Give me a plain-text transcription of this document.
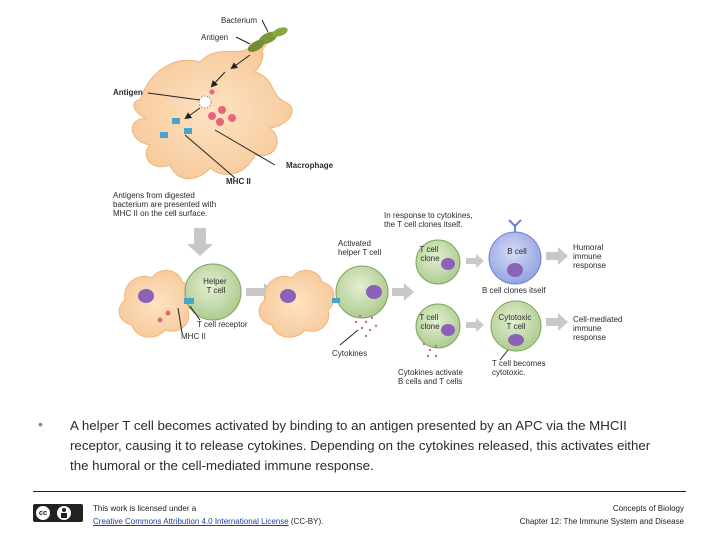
Bacterium
Antigen
Antigen
Macrophage
MHC II
Antigens from digested bacterium are presented with MHC II on the cell surface.
Helper T cell
T cell receptor
MHC II
Activated helper T cell
Cytokines
In response to cytokines, the T cell clones itself.
T cell clone
B cell
B cell clones itself
Humoral immune response
T cell clone
Cytotoxic T cell
Cell-mediated immune response
Cytokines activate B cells and T cells
T cell becomes cytotoxic.
• A helper T cell becomes activated by binding to an antigen presented by an APC via the MHCII receptor, causing it to release cytokines. Depending on the cytokines released, this activates either the humoral or the cell-mediated immune response.
cc	This work is licensed under a
Creative Commons Attribution 4.0 International License (CC-BY).
Concepts of Biology
Chapter 12: The Immune System and Disease
